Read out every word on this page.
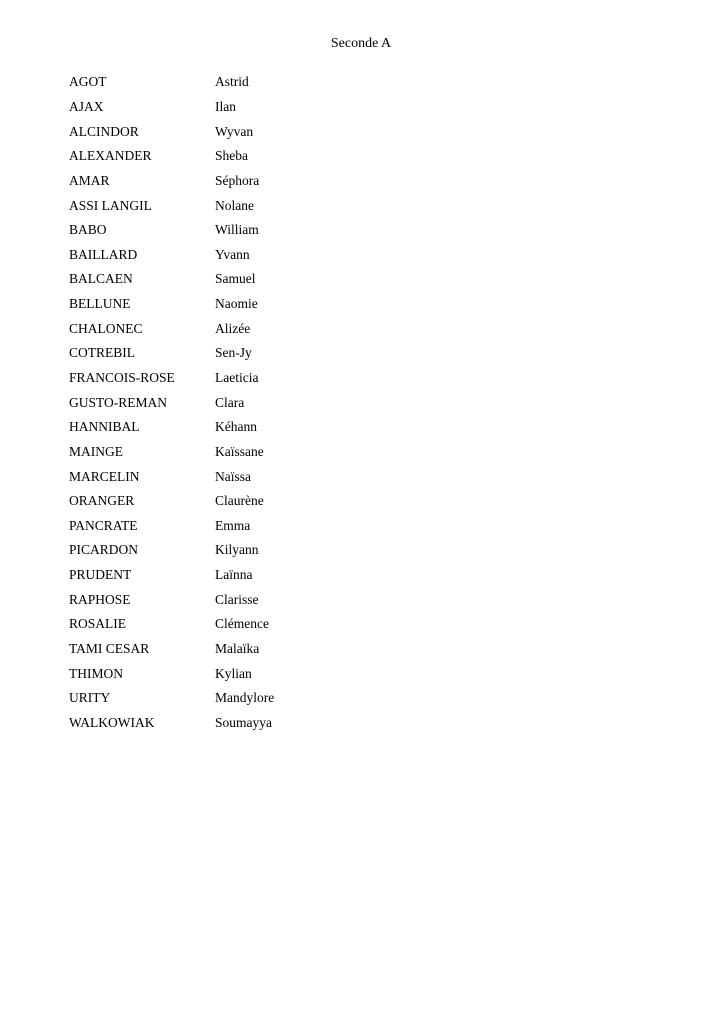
Seconde A
AGOT	Astrid
AJAX	Ilan
ALCINDOR	Wyvan
ALEXANDER	Sheba
AMAR	Séphora
ASSI LANGIL	Nolane
BABO	William
BAILLARD	Yvann
BALCAEN	Samuel
BELLUNE	Naomie
CHALONEC	Alizée
COTREBIL	Sen-Jy
FRANCOIS-ROSE	Laeticia
GUSTO-REMAN	Clara
HANNIBAL	Kéhann
MAINGE	Kaïssane
MARCELIN	Naïssa
ORANGER	Claurène
PANCRATE	Emma
PICARDON	Kilyann
PRUDENT	Laïnna
RAPHOSE	Clarisse
ROSALIE	Clémence
TAMI CESAR	Malaïka
THIMON	Kylian
URITY	Mandylore
WALKOWIAK	Soumayya
